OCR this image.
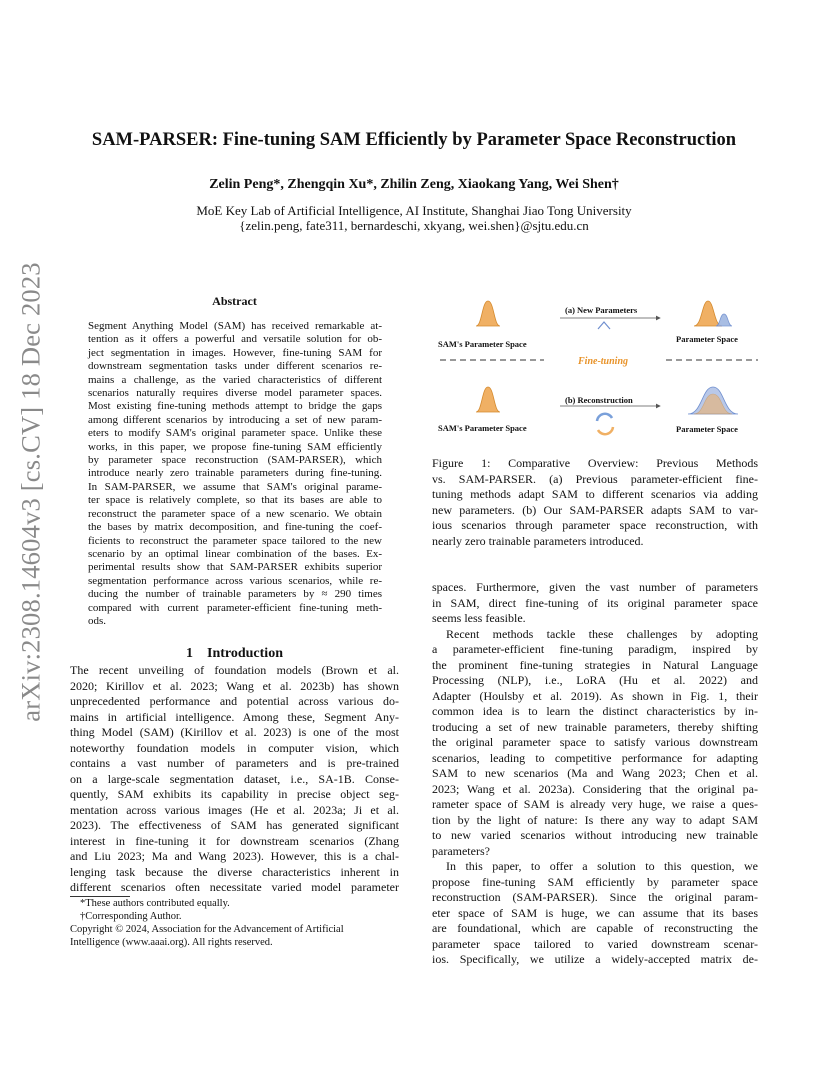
arXiv:2308.14604v3 [cs.CV] 18 Dec 2023
SAM-PARSER: Fine-tuning SAM Efficiently by Parameter Space Reconstruction
Zelin Peng*, Zhengqin Xu*, Zhilin Zeng, Xiaokang Yang, Wei Shen†
MoE Key Lab of Artificial Intelligence, AI Institute, Shanghai Jiao Tong University
{zelin.peng, fate311, bernardeschi, xkyang, wei.shen}@sjtu.edu.cn
Abstract
Segment Anything Model (SAM) has received remarkable at-
tention as it offers a powerful and versatile solution for ob-
ject segmentation in images. However, fine-tuning SAM for
downstream segmentation tasks under different scenarios re-
mains a challenge, as the varied characteristics of different
scenarios naturally requires diverse model parameter spaces.
Most existing fine-tuning methods attempt to bridge the gaps
among different scenarios by introducing a set of new param-
eters to modify SAM's original parameter space. Unlike these
works, in this paper, we propose fine-tuning SAM efficiently
by parameter space reconstruction (SAM-PARSER), which
introduce nearly zero trainable parameters during fine-tuning.
In SAM-PARSER, we assume that SAM's original parame-
ter space is relatively complete, so that its bases are able to
reconstruct the parameter space of a new scenario. We obtain
the bases by matrix decomposition, and fine-tuning the coef-
ficients to reconstruct the parameter space tailored to the new
scenario by an optimal linear combination of the bases. Ex-
perimental results show that SAM-PARSER exhibits superior
segmentation performance across various scenarios, while re-
ducing the number of trainable parameters by ≈ 290 times
compared with current parameter-efficient fine-tuning meth-
ods.
1    Introduction
The recent unveiling of foundation models (Brown et al.
2020; Kirillov et al. 2023; Wang et al. 2023b) has shown
unprecedented performance and potential across various do-
mains in artificial intelligence. Among these, Segment Any-
thing Model (SAM) (Kirillov et al. 2023) is one of the most
noteworthy foundation models in computer vision, which
contains a vast number of parameters and is pre-trained
on a large-scale segmentation dataset, i.e., SA-1B. Conse-
quently, SAM exhibits its capability in precise object seg-
mentation across various images (He et al. 2023a; Ji et al.
2023). The effectiveness of SAM has generated significant
interest in fine-tuning it for downstream scenarios (Zhang
and Liu 2023; Ma and Wang 2023). However, this is a chal-
lenging task because the diverse characteristics inherent in
different scenarios often necessitate varied model parameter
*These authors contributed equally.
†Corresponding Author.
Copyright © 2024, Association for the Advancement of Artificial
Intelligence (www.aaai.org). All rights reserved.
SAM's Parameter Space
SAM's Parameter Space
(a) New Parameters
(b) Reconstruction
Fine-tuning
Parameter Space
Parameter Space
Figure 1: Comparative Overview: Previous Methods
vs. SAM-PARSER. (a) Previous parameter-efficient fine-
tuning methods adapt SAM to different scenarios via adding
new parameters. (b) Our SAM-PARSER adapts SAM to var-
ious scenarios through parameter space reconstruction, with
nearly zero trainable parameters introduced.
spaces. Furthermore, given the vast number of parameters
in SAM, direct fine-tuning of its original parameter space
seems less feasible.
Recent methods tackle these challenges by adopting
a parameter-efficient fine-tuning paradigm, inspired by
the prominent fine-tuning strategies in Natural Language
Processing (NLP), i.e., LoRA (Hu et al. 2022) and
Adapter (Houlsby et al. 2019). As shown in Fig. 1, their
common idea is to learn the distinct characteristics by in-
troducing a set of new trainable parameters, thereby shifting
the original parameter space to satisfy various downstream
scenarios, leading to competitive performance for adapting
SAM to new scenarios (Ma and Wang 2023; Chen et al.
2023; Wang et al. 2023a). Considering that the original pa-
rameter space of SAM is already very huge, we raise a ques-
tion by the light of nature: Is there any way to adapt SAM
to new varied scenarios without introducing new trainable
parameters?
In this paper, to offer a solution to this question, we
propose fine-tuning SAM efficiently by parameter space
reconstruction (SAM-PARSER). Since the original param-
eter space of SAM is huge, we can assume that its bases
are foundational, which are capable of reconstructing the
parameter space tailored to varied downstream scenar-
ios. Specifically, we utilize a widely-accepted matrix de-
